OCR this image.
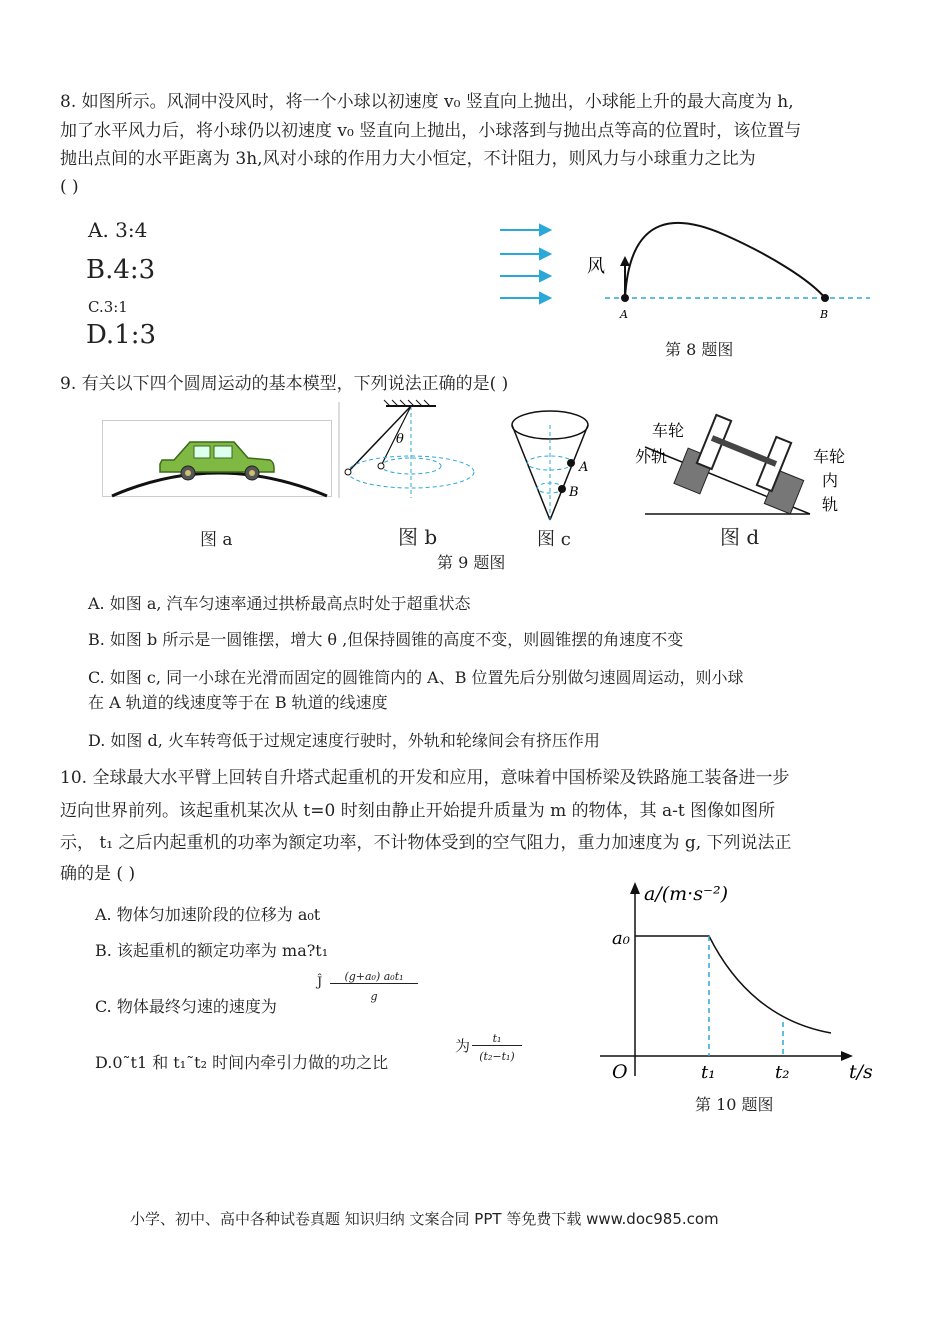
8. 如图所示。风洞中没风时，将一个小球以初速度 v₀ 竖直向上抛出，小球能上升的最大高度为 h,
加了水平风力后，将小球仍以初速度 v₀ 竖直向上抛出，小球落到与抛出点等高的位置时，该位置与
抛出点间的水平距离为 3h,风对小球的作用力大小恒定，不计阻力，则风力与小球重力之比为
( )
A. 3:4
B.4:3
C.3:1
D.1:3
风
A	B
第 8 题图
9. 有关以下四个圆周运动的基本模型，下列说法正确的是( )
图 a
θ
图 b
A
B
图 c
车轮
外轨	车轮
内
轨
图 d
第 9 题图
A. 如图 a, 汽车匀速率通过拱桥最高点时处于超重状态
B. 如图 b 所示是一圆锥摆，增大 θ ,但保持圆锥的高度不变，则圆锥摆的角速度不变
C. 如图 c, 同一小球在光滑而固定的圆锥筒内的 A、B 位置先后分别做匀速圆周运动，则小球
在 A 轨道的线速度等于在 B 轨道的线速度
D. 如图 d, 火车转弯低于过规定速度行驶时，外轨和轮缘间会有挤压作用
10. 全球最大水平臂上回转自升塔式起重机的开发和应用，意味着中国桥梁及铁路施工装备进一步
迈向世界前列。该起重机某次从 t=0 时刻由静止开始提升质量为 m 的物体，其 a-t 图像如图所
示， t₁ 之后内起重机的功率为额定功率，不计物体受到的空气阻力，重力加速度为 g, 下列说法正
确的是 ( )
A. 物体匀加速阶段的位移为 a₀t
B. 该起重机的额定功率为 ma?t₁
C. 物体最终匀速的速度为
Ĵ	(g+a₀) a₀t₁
g
D.0˜t1 和 t₁˜t₂ 时间内牵引力做的功之比
为	t₁
(t₂−t₁)
a/(m·s⁻²)
a₀
O	t₁	t₂	t/s
第 10 题图
小学、初中、高中各种试卷真题 知识归纳 文案合同 PPT 等免费下载 www.doc985.com
